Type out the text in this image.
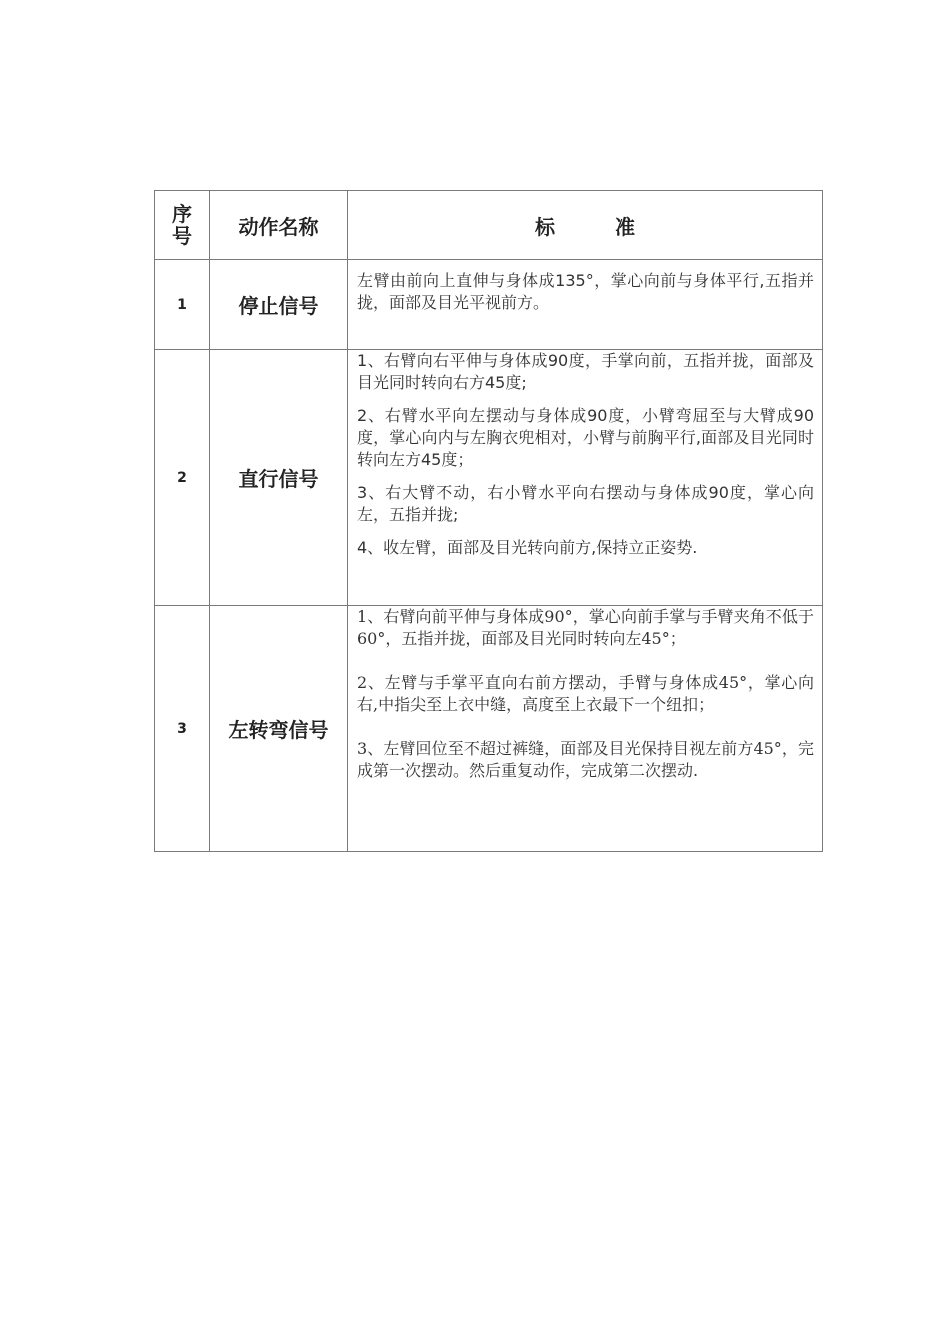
序号	动作名称	标 准
1	停止信号	左臂由前向上直伸与身体成135°，掌心向前与身体平行,五指并拢，面部及目光平视前方。

2	直行信号	1、右臂向右平伸与身体成90度，手掌向前，五指并拢，面部及目光同时转向右方45度;

2、右臂水平向左摆动与身体成90度，小臂弯屈至与大臂成90度，掌心向内与左胸衣兜相对，小臂与前胸平行,面部及目光同时转向左方45度；

3、右大臂不动，右小臂水平向右摆动与身体成90度，掌心向左，五指并拢;

4、收左臂，面部及目光转向前方,保持立正姿势.

3	左转弯信号	1、右臂向前平伸与身体成90°，掌心向前手掌与手臂夹角不低于60°，五指并拢，面部及目光同时转向左45°；

2、左臂与手掌平直向右前方摆动，手臂与身体成45°，掌心向右,中指尖至上衣中缝，高度至上衣最下一个纽扣；

3、左臂回位至不超过裤缝，面部及目光保持目视左前方45°，完成第一次摆动。然后重复动作，完成第二次摆动.
